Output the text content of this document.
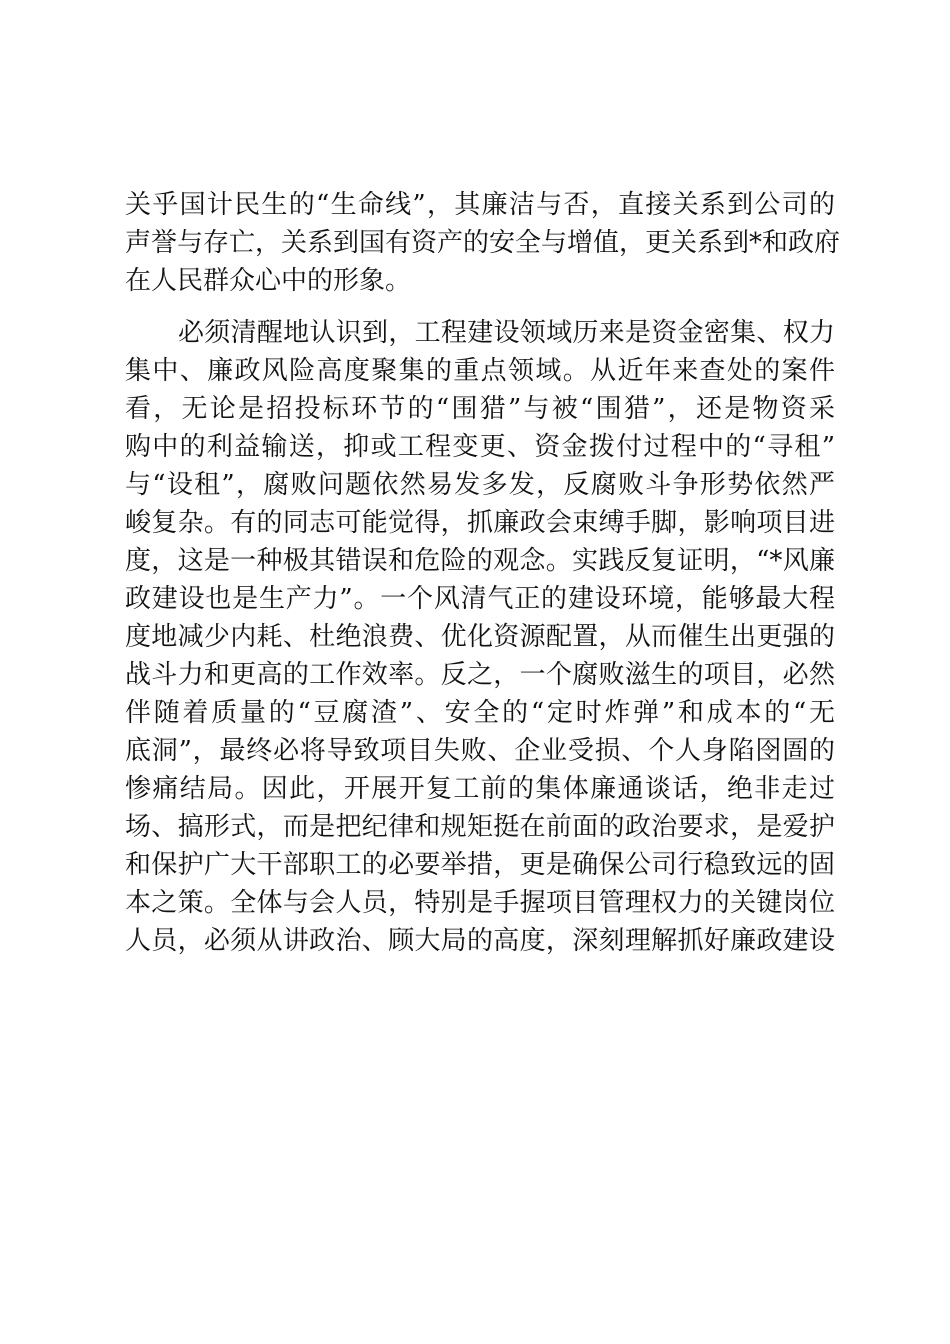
关乎国计民生的“生命线”，其廉洁与否，直接关系到公司的
声誉与存亡，关系到国有资产的安全与增值，更关系到*和政府
在人民群众心中的形象。
必须清醒地认识到，工程建设领域历来是资金密集、权力
集中、廉政风险高度聚集的重点领域。从近年来查处的案件
看，无论是招投标环节的“围猎”与被“围猎”，还是物资采
购中的利益输送，抑或工程变更、资金拨付过程中的“寻租”
与“设租”，腐败问题依然易发多发，反腐败斗争形势依然严
峻复杂。有的同志可能觉得，抓廉政会束缚手脚，影响项目进
度，这是一种极其错误和危险的观念。实践反复证明，“*风廉
政建设也是生产力”。一个风清气正的建设环境，能够最大程
度地减少内耗、杜绝浪费、优化资源配置，从而催生出更强的
战斗力和更高的工作效率。反之，一个腐败滋生的项目，必然
伴随着质量的“豆腐渣”、安全的“定时炸弹”和成本的“无
底洞”，最终必将导致项目失败、企业受损、个人身陷囹圄的
惨痛结局。因此，开展开复工前的集体廉通谈话，绝非走过
场、搞形式，而是把纪律和规矩挺在前面的政治要求，是爱护
和保护广大干部职工的必要举措，更是确保公司行稳致远的固
本之策。全体与会人员，特别是手握项目管理权力的关键岗位
人员，必须从讲政治、顾大局的高度，深刻理解抓好廉政建设
